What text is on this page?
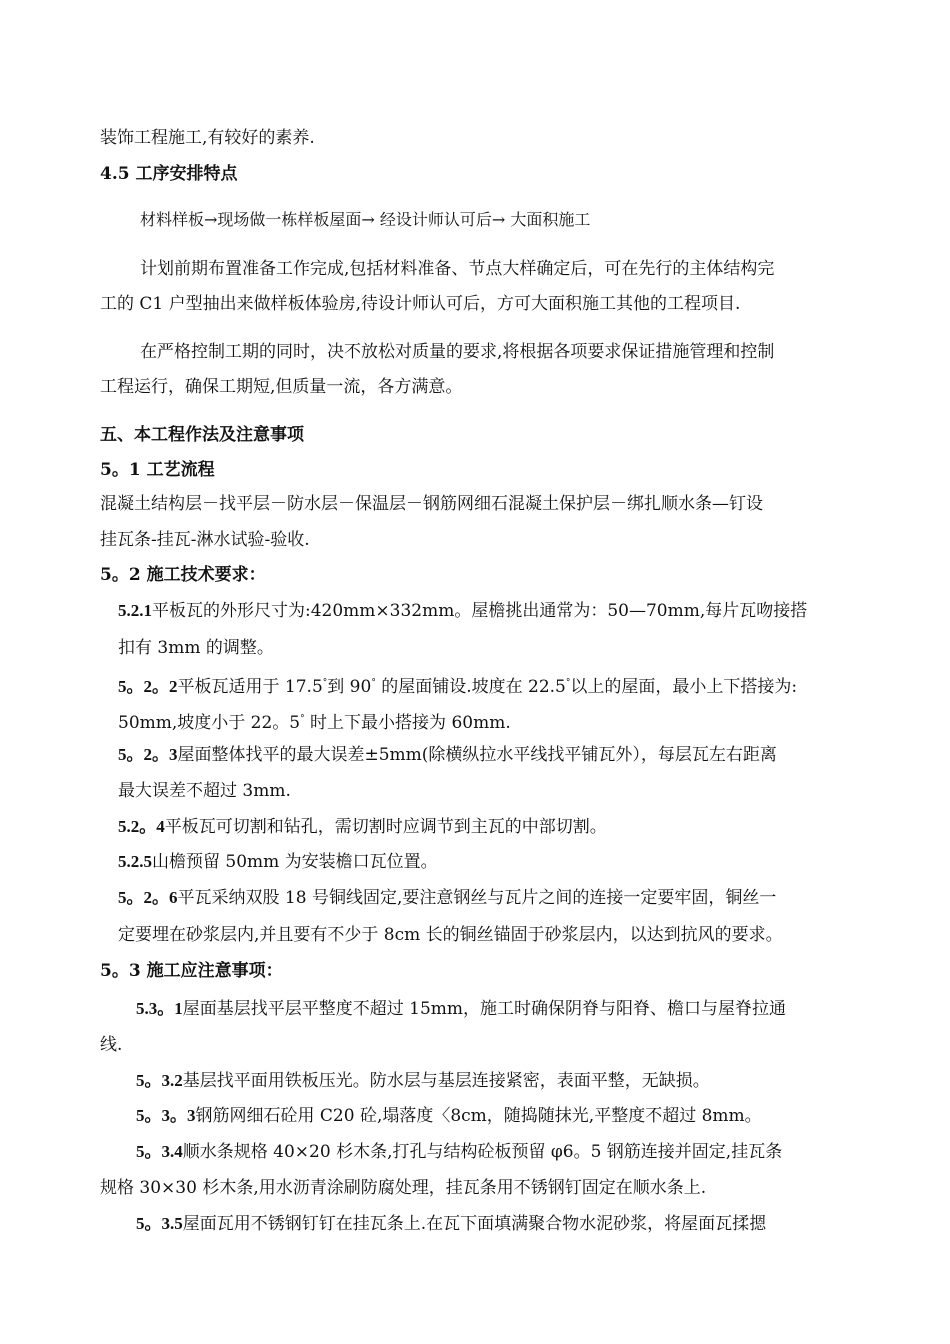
装饰工程施工,有较好的素养.
4.5 工序安排特点
材料样板→现场做一栋样板屋面→ 经设计师认可后→ 大面积施工
计划前期布置准备工作完成,包括材料准备、节点大样确定后，可在先行的主体结构完
工的 C1 户型抽出来做样板体验房,待设计师认可后，方可大面积施工其他的工程项目.
在严格控制工期的同时，决不放松对质量的要求,将根据各项要求保证措施管理和控制
工程运行，确保工期短,但质量一流，各方满意。
五、本工程作法及注意事项
5。1 工艺流程
混凝土结构层－找平层－防水层－保温层－钢筋网细石混凝土保护层－绑扎顺水条—钉设
挂瓦条-挂瓦-淋水试验-验收.
5。2 施工技术要求：
5.2.1平板瓦的外形尺寸为:420mm×332mm。屋檐挑出通常为：50—70mm,每片瓦吻接搭
扣有 3mm 的调整。
5。2。2平板瓦适用于 17.5°到 90° 的屋面铺设.坡度在 22.5°以上的屋面，最小上下搭接为:
50mm,坡度小于 22。5° 时上下最小搭接为 60mm.
5。2。3屋面整体找平的最大误差±5mm(除横纵拉水平线找平铺瓦外），每层瓦左右距离
最大误差不超过 3mm.
5.2。4平板瓦可切割和钻孔，需切割时应调节到主瓦的中部切割。
5.2.5山檐预留 50mm 为安装檐口瓦位置。
5。2。6平瓦采纳双股 18 号铜线固定,要注意钢丝与瓦片之间的连接一定要牢固，铜丝一
定要埋在砂浆层内,并且要有不少于 8cm 长的铜丝锚固于砂浆层内，以达到抗风的要求。
5。3 施工应注意事项：
5.3。1屋面基层找平层平整度不超过 15mm，施工时确保阴脊与阳脊、檐口与屋脊拉通
线.
5。3.2基层找平面用铁板压光。防水层与基层连接紧密，表面平整，无缺损。
5。3。3钢筋网细石砼用 C20 砼,塌落度〈8cm，随捣随抹光,平整度不超过 8mm。
5。3.4顺水条规格 40×20 杉木条,打孔与结构砼板预留 φ6。5 钢筋连接并固定,挂瓦条
规格 30×30 杉木条,用水沥青涂刷防腐处理，挂瓦条用不锈钢钉固定在顺水条上.
5。3.5屋面瓦用不锈钢钉钉在挂瓦条上.在瓦下面填满聚合物水泥砂浆，将屋面瓦揉摁
